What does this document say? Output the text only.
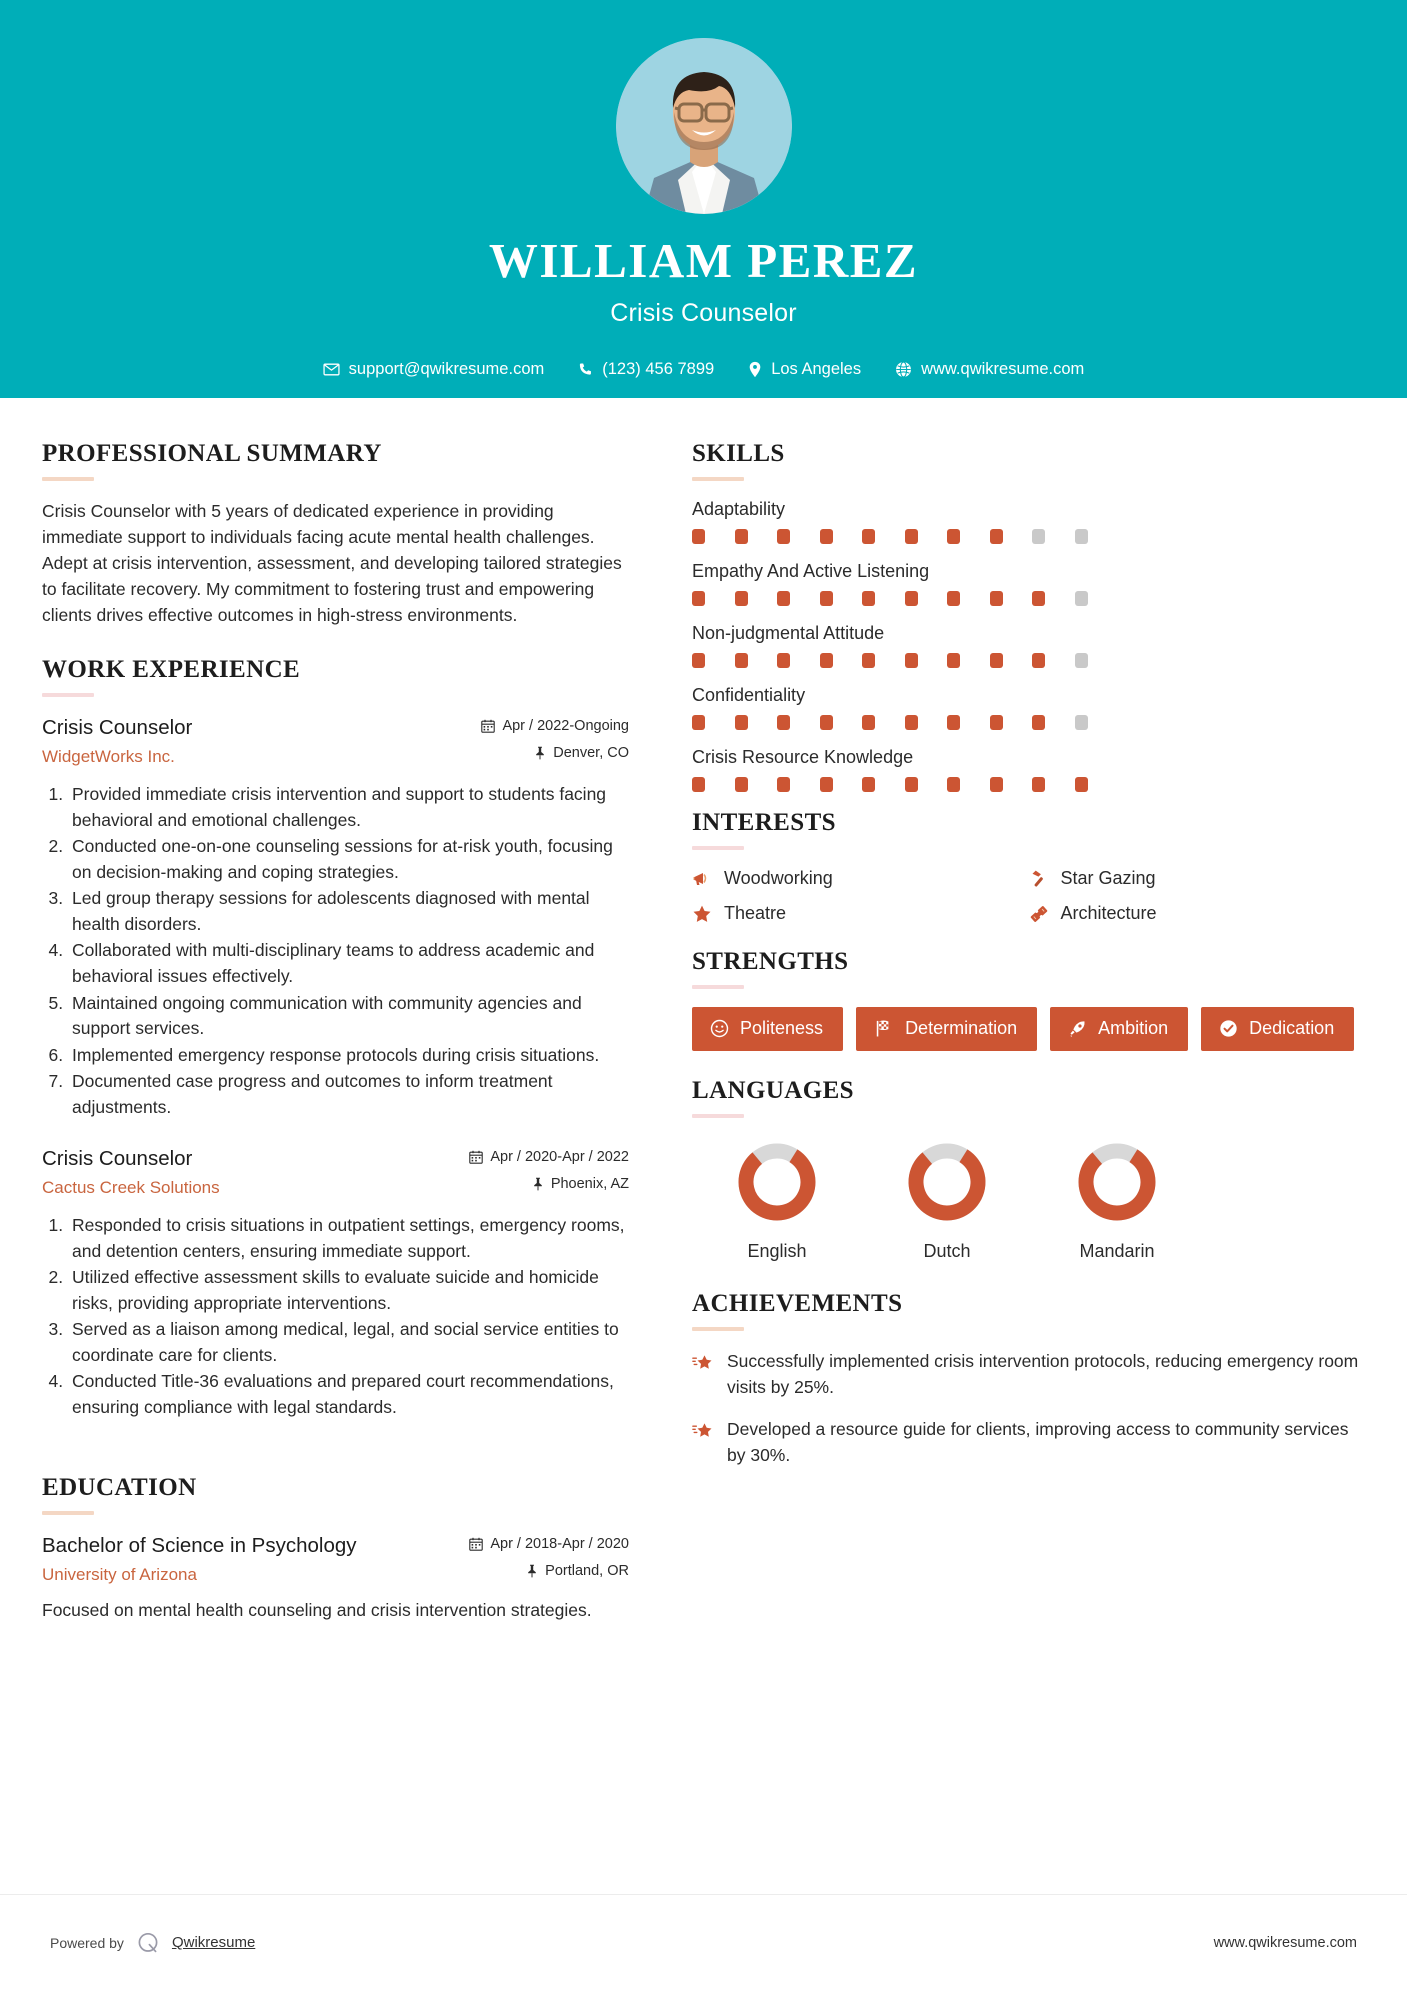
WILLIAM PEREZ
Crisis Counselor
support@qwikresume.com	(123) 456 7899	Los Angeles	www.qwikresume.com
PROFESSIONAL SUMMARY
Crisis Counselor with 5 years of dedicated experience in providing immediate support to individuals facing acute mental health challenges. Adept at crisis intervention, assessment, and developing tailored strategies to facilitate recovery. My commitment to fostering trust and empowering clients drives effective outcomes in high-stress environments.
WORK EXPERIENCE
Crisis Counselor
WidgetWorks Inc.
Apr / 2022-Ongoing
Denver, CO
1. Provided immediate crisis intervention and support to students facing behavioral and emotional challenges.
2. Conducted one-on-one counseling sessions for at-risk youth, focusing on decision-making and coping strategies.
3. Led group therapy sessions for adolescents diagnosed with mental health disorders.
4. Collaborated with multi-disciplinary teams to address academic and behavioral issues effectively.
5. Maintained ongoing communication with community agencies and support services.
6. Implemented emergency response protocols during crisis situations.
7. Documented case progress and outcomes to inform treatment adjustments.
Crisis Counselor
Cactus Creek Solutions
Apr / 2020-Apr / 2022
Phoenix, AZ
1. Responded to crisis situations in outpatient settings, emergency rooms, and detention centers, ensuring immediate support.
2. Utilized effective assessment skills to evaluate suicide and homicide risks, providing appropriate interventions.
3. Served as a liaison among medical, legal, and social service entities to coordinate care for clients.
4. Conducted Title-36 evaluations and prepared court recommendations, ensuring compliance with legal standards.
EDUCATION
Bachelor of Science in Psychology
University of Arizona
Apr / 2018-Apr / 2020
Portland, OR
Focused on mental health counseling and crisis intervention strategies.
SKILLS
Adaptability
Empathy And Active Listening
Non-judgmental Attitude
Confidentiality
Crisis Resource Knowledge
INTERESTS
Woodworking	Star Gazing
Theatre	Architecture
STRENGTHS
Politeness	Determination	Ambition	Dedication
LANGUAGES
English	Dutch	Mandarin
ACHIEVEMENTS
Successfully implemented crisis intervention protocols, reducing emergency room visits by 25%.
Developed a resource guide for clients, improving access to community services by 30%.
Powered by	Qwikresume	www.qwikresume.com
